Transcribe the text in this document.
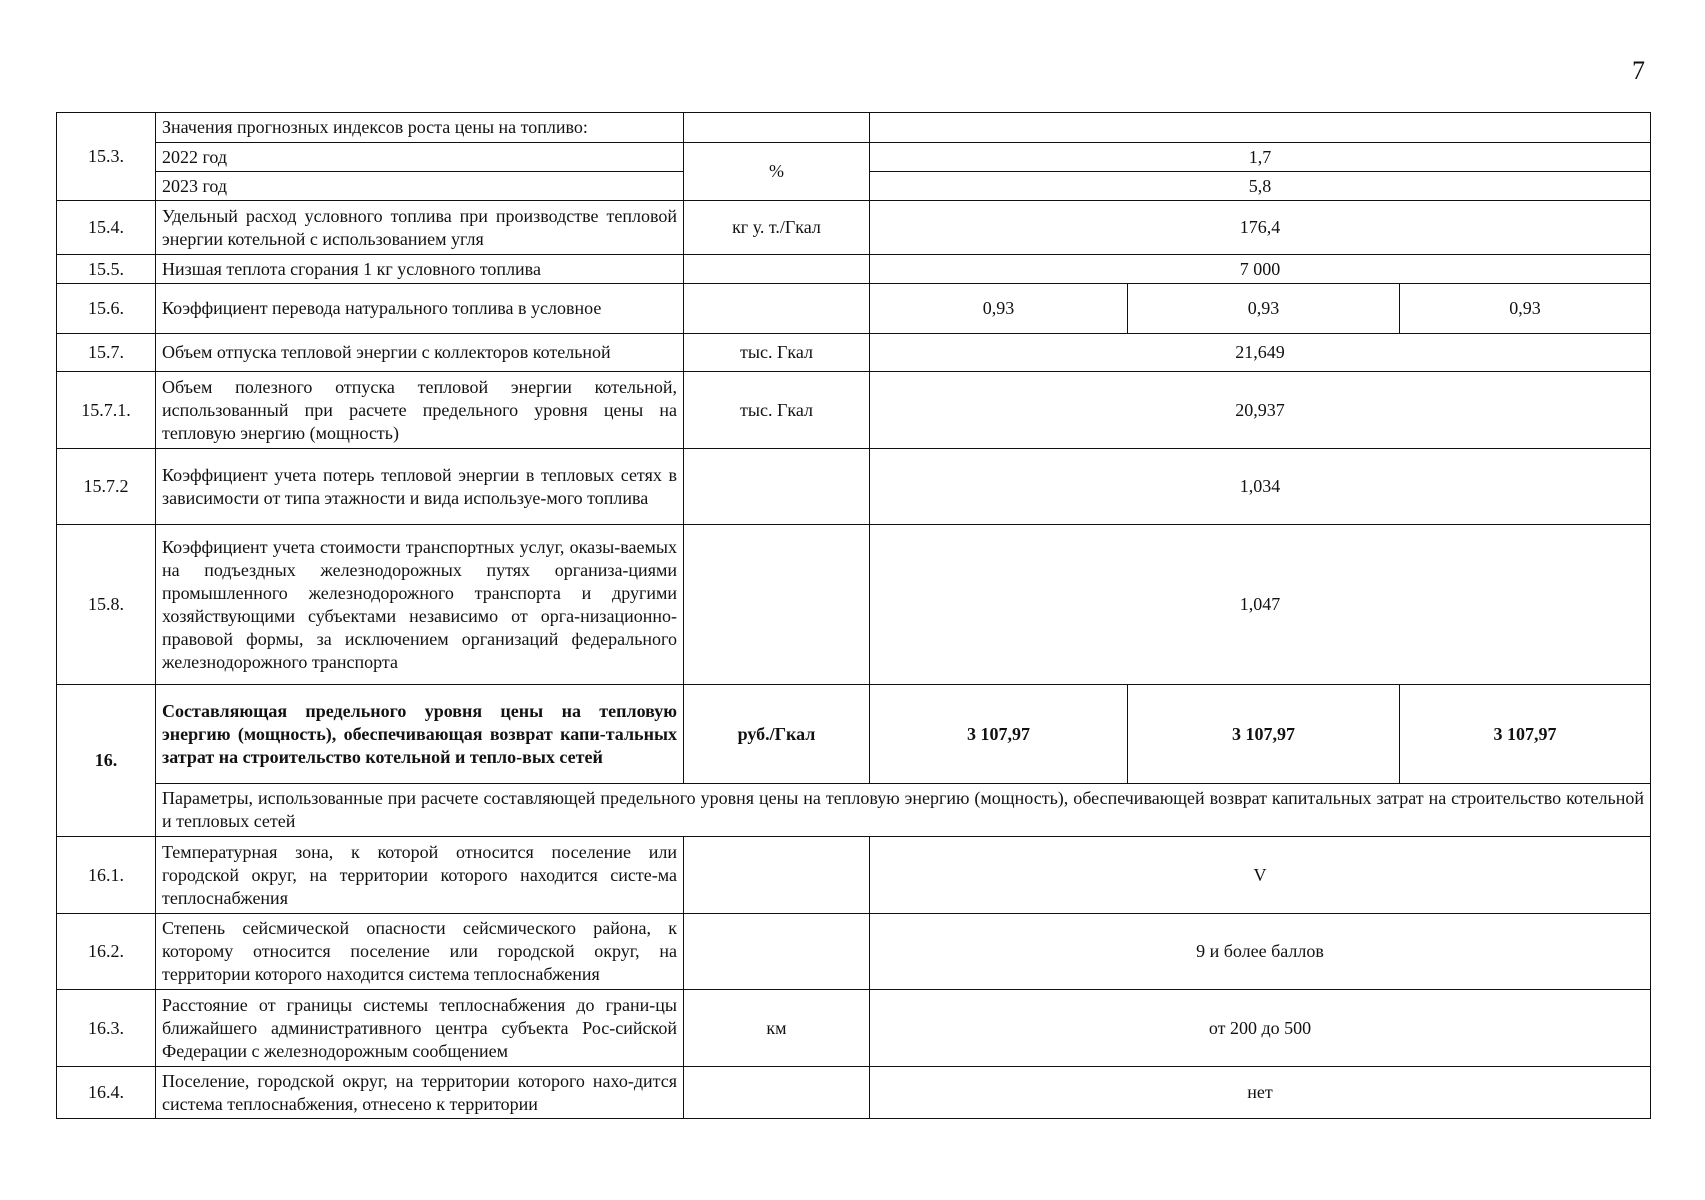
7
15.3.	Значения прогнозных индексов роста цены на топливо:				
	2022 год	%	1,7		
	2023 год		5,8		
15.4.	Удельный расход условного топлива при производстве тепловой энергии котельной с использованием угля	кг у. т./Гкал	176,4		
15.5.	Низшая теплота сгорания 1 кг условного топлива		7 000		
15.6.	Коэффициент перевода натурального топлива в условное		0,93	0,93	0,93
15.7.	Объем отпуска тепловой энергии с коллекторов котельной	тыс. Гкал	21,649		
15.7.1.	Объем полезного отпуска тепловой энергии котельной, использованный при расчете предельного уровня цены на тепловую энергию (мощность)	тыс. Гкал	20,937		
15.7.2	Коэффициент учета потерь тепловой энергии в тепловых сетях в зависимости от типа этажности и вида используе-мого топлива		1,034		
15.8.	Коэффициент учета стоимости транспортных услуг, оказы-ваемых на подъездных железнодорожных путях организа-циями промышленного железнодорожного транспорта и другими хозяйствующими субъектами независимо от орга-низационно-правовой формы, за исключением организаций федерального железнодорожного транспорта		1,047		
16.	Составляющая предельного уровня цены на тепловую энергию (мощность), обеспечивающая возврат капи-тальных затрат на строительство котельной и теплo-вых сетей	руб./Гкал	3 107,97	3 107,97	3 107,97
	Параметры, использованные при расчете составляющей предельного уровня цены на тепловую энергию (мощность), обеспечивающей возврат капитальных затрат на строительство котельной и тепловых сетей				
16.1.	Температурная зона, к которой относится поселение или городской округ, на территории которого находится систе-ма теплоснабжения		V		
16.2.	Степень сейсмической опасности сейсмического района, к которому относится поселение или городской округ, на территории которого находится система теплоснабжения		9 и более баллов		
16.3.	Расстояние от границы системы теплоснабжения до грани-цы ближайшего административного центра субъекта Рос-сийской Федерации с железнодорожным сообщением	км	от 200 до 500		
16.4.	Поселение, городской округ, на территории которого нахо-дится система теплоснабжения, отнесено к территории		нет		
